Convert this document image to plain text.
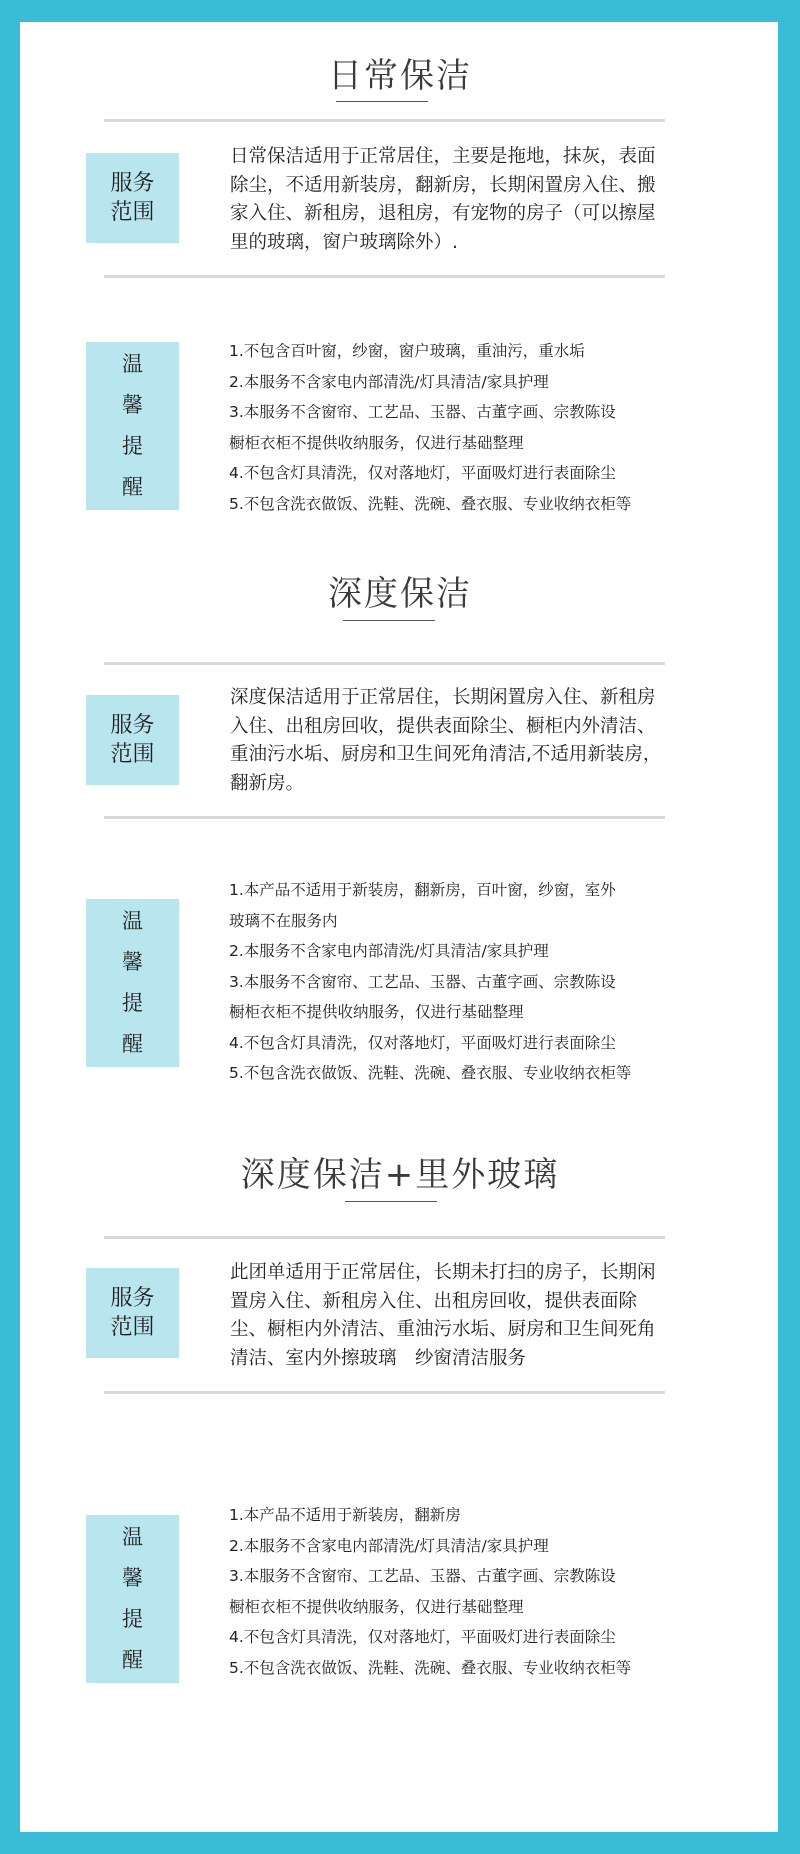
日常保洁
服务
范围

日常保洁适用于正常居住，主要是拖地，抹灰，表面除尘，不适用新装房，翻新房，长期闲置房入住、搬家入住、新租房，退租房，有宠物的房子（可以擦屋里的玻璃，窗户玻璃除外）.

温
馨
提
醒
1.不包含百叶窗，纱窗，窗户玻璃，重油污，重水垢
2.本服务不含家电内部清洗/灯具清洁/家具护理
3.本服务不含窗帘、工艺品、玉器、古董字画、宗教陈设
橱柜衣柜不提供收纳服务，仅进行基础整理
4.不包含灯具清洗，仅对落地灯，平面吸灯进行表面除尘
5.不包含洗衣做饭、洗鞋、洗碗、叠衣服、专业收纳衣柜等
深度保洁
服务
范围

深度保洁适用于正常居住，长期闲置房入住、新租房入住、出租房回收，提供表面除尘、橱柜内外清洁、重油污水垢、厨房和卫生间死角清洁,不适用新装房，翻新房。

温
馨
提
醒
1.本产品不适用于新装房，翻新房，百叶窗，纱窗，室外
玻璃不在服务内
2.本服务不含家电内部清洗/灯具清洁/家具护理
3.本服务不含窗帘、工艺品、玉器、古董字画、宗教陈设
橱柜衣柜不提供收纳服务，仅进行基础整理
4.不包含灯具清洗，仅对落地灯，平面吸灯进行表面除尘
5.不包含洗衣做饭、洗鞋、洗碗、叠衣服、专业收纳衣柜等
深度保洁+里外玻璃
服务
范围

此团单适用于正常居住，长期未打扫的房子，长期闲置房入住、新租房入住、出租房回收，提供表面除尘、橱柜内外清洁、重油污水垢、厨房和卫生间死角清洁、室内外擦玻璃　纱窗清洁服务

温
馨
提
醒
1.本产品不适用于新装房，翻新房
2.本服务不含家电内部清洗/灯具清洁/家具护理
3.本服务不含窗帘、工艺品、玉器、古董字画、宗教陈设
橱柜衣柜不提供收纳服务，仅进行基础整理
4.不包含灯具清洗，仅对落地灯，平面吸灯进行表面除尘
5.不包含洗衣做饭、洗鞋、洗碗、叠衣服、专业收纳衣柜等
